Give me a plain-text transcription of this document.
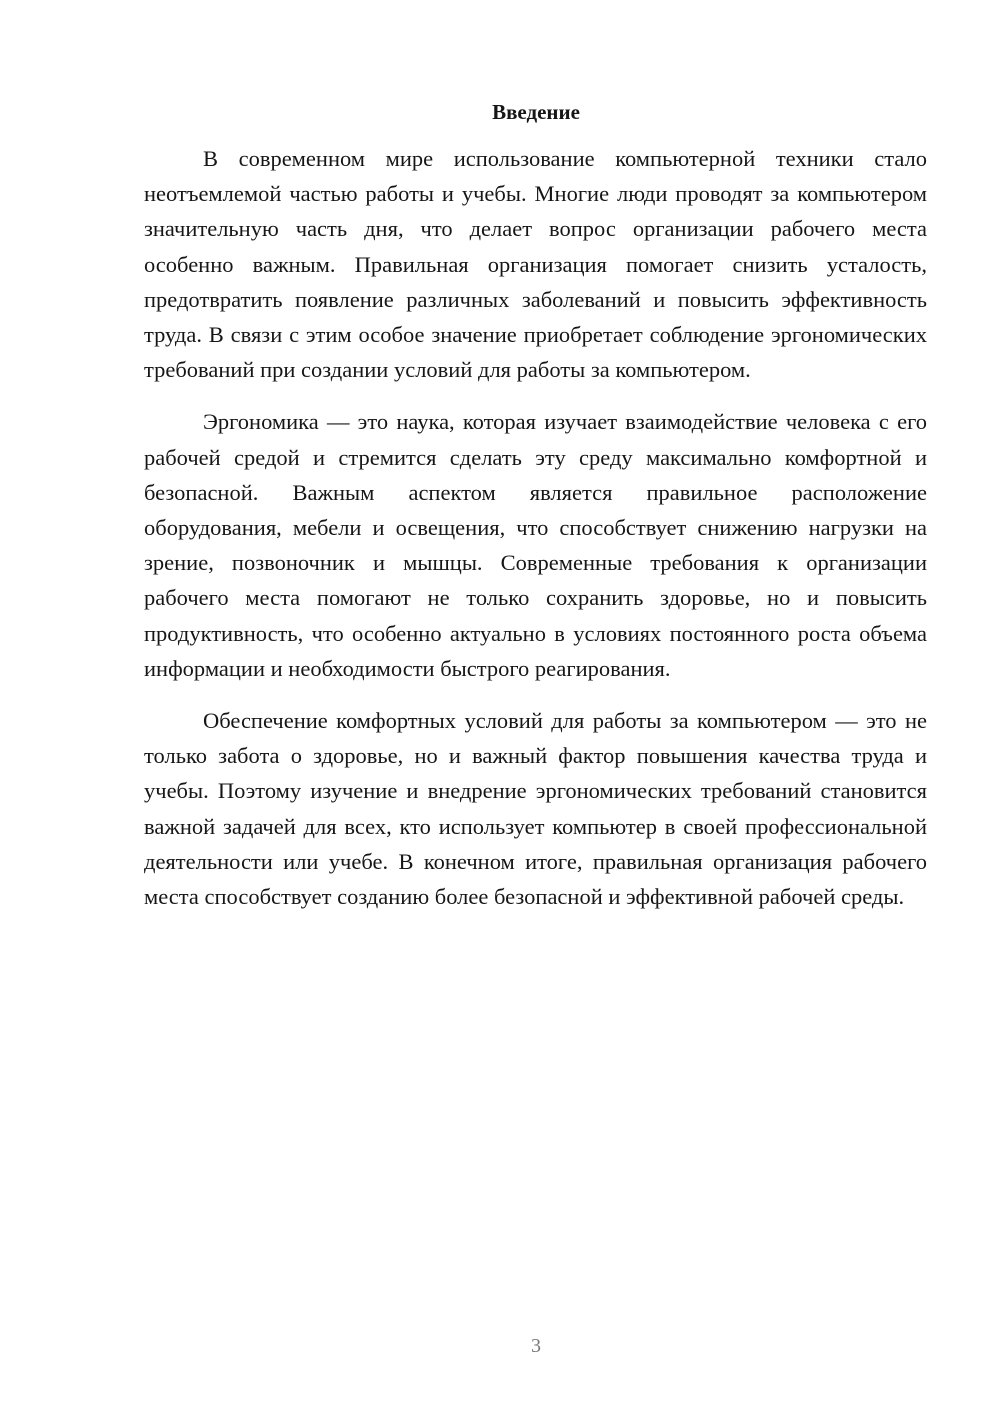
Введение

В современном мире использование компьютерной техники стало неотъемлемой частью работы и учебы. Многие люди проводят за компьютером значительную часть дня, что делает вопрос организации рабочего места особенно важным. Правильная организация помогает снизить усталость, предотвратить появление различных заболеваний и повысить эффективность труда. В связи с этим особое значение приобретает соблюдение эргономических требований при создании условий для работы за компьютером.

Эргономика — это наука, которая изучает взаимодействие человека с его рабочей средой и стремится сделать эту среду максимально комфортной и безопасной. Важным аспектом является правильное расположение оборудования, мебели и освещения, что способствует снижению нагрузки на зрение, позвоночник и мышцы. Современные требования к организации рабочего места помогают не только сохранить здоровье, но и повысить продуктивность, что особенно актуально в условиях постоянного роста объема информации и необходимости быстрого реагирования.

Обеспечение комфортных условий для работы за компьютером — это не только забота о здоровье, но и важный фактор повышения качества труда и учебы. Поэтому изучение и внедрение эргономических требований становится важной задачей для всех, кто использует компьютер в своей профессиональной деятельности или учебе. В конечном итоге, правильная организация рабочего места способствует созданию более безопасной и эффективной рабочей среды.

3
